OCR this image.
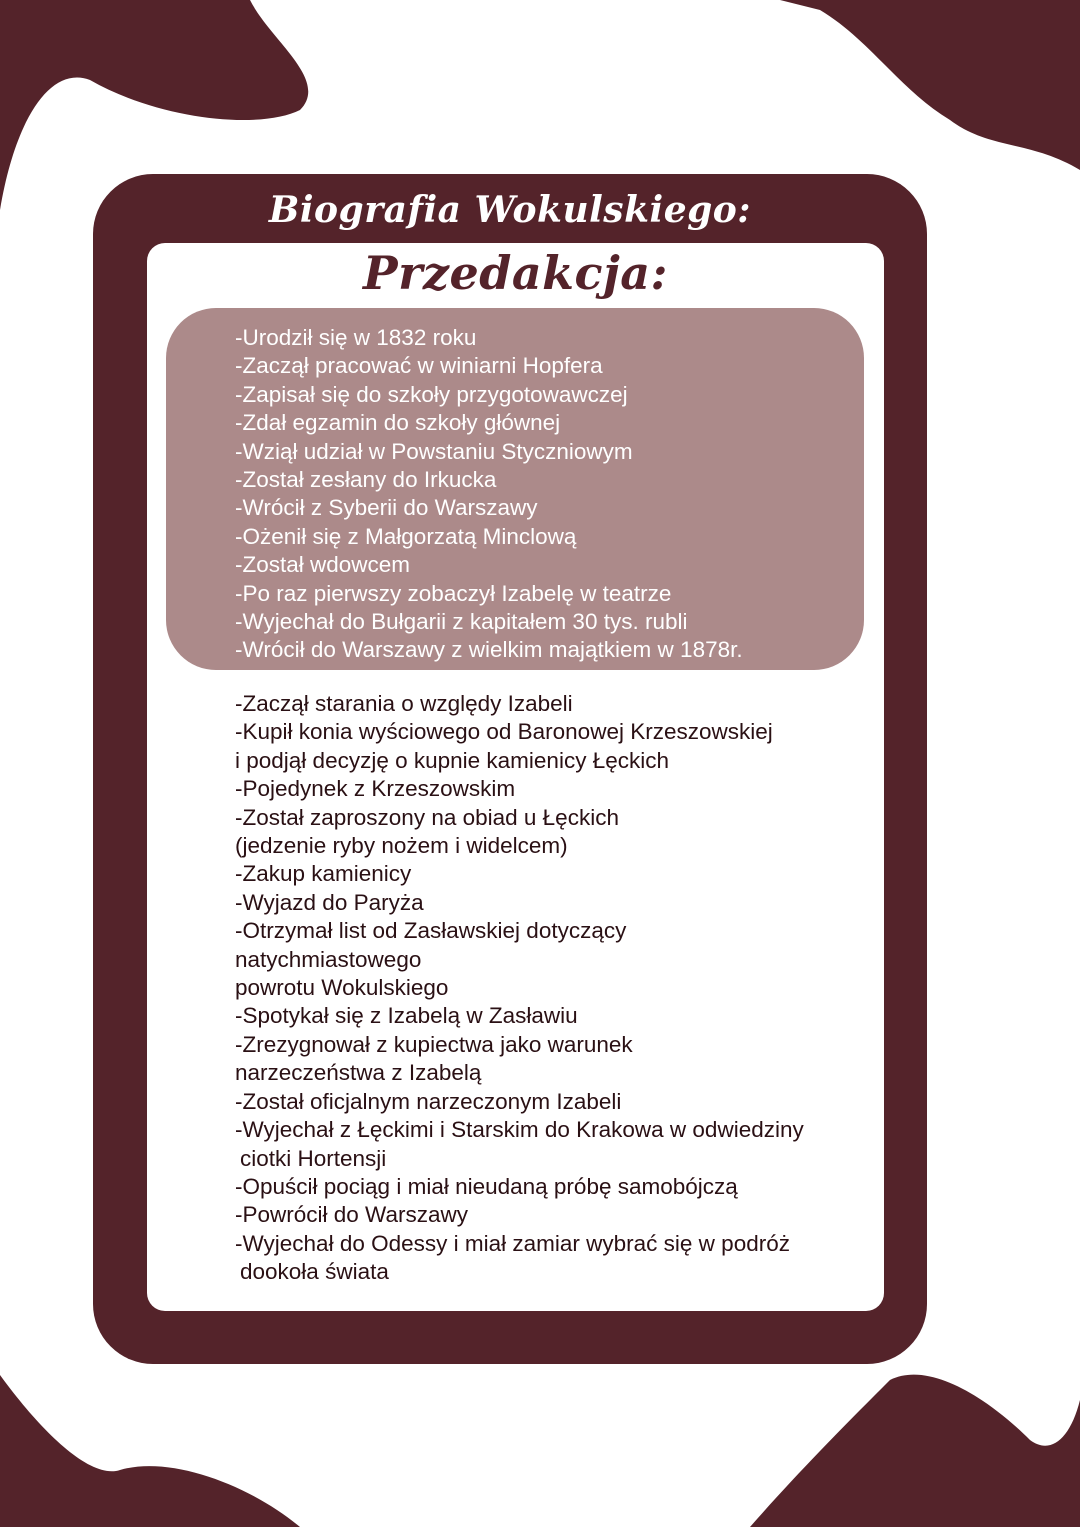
Biografia Wokulskiego:
Przedakcja:
-Urodził się w 1832 roku
-Zaczął pracować w winiarni Hopfera
-Zapisał się do szkoły przygotowawczej
-Zdał egzamin do szkoły głównej
-Wziął udział w Powstaniu Styczniowym
-Został zesłany do Irkucka
-Wrócił z Syberii do Warszawy
-Ożenił się z Małgorzatą Minclową
-Został wdowcem
-Po raz pierwszy zobaczył Izabelę w teatrze
-Wyjechał do Bułgarii z kapitałem 30 tys. rubli
-Wrócił do Warszawy z wielkim majątkiem w 1878r.
-Zaczął starania o względy Izabeli
-Kupił konia wyściowego od Baronowej Krzeszowskiej
i podjął decyzję o kupnie kamienicy Łęckich
-Pojedynek z Krzeszowskim
-Został zaproszony na obiad u Łęckich
(jedzenie ryby nożem i widelcem)
-Zakup kamienicy
-Wyjazd do Paryża
-Otrzymał list od Zasławskiej dotyczący
natychmiastowego
powrotu Wokulskiego
-Spotykał się z Izabelą w Zasławiu
-Zrezygnował z kupiectwa jako warunek
narzeczeństwa z Izabelą
-Został oficjalnym narzeczonym Izabeli
-Wyjechał z Łęckimi i Starskim do Krakowa w odwiedziny
ciotki Hortensji
-Opuścił pociąg i miał nieudaną próbę samobójczą
-Powrócił do Warszawy
-Wyjechał do Odessy i miał zamiar wybrać się w podróż
dookoła świata
